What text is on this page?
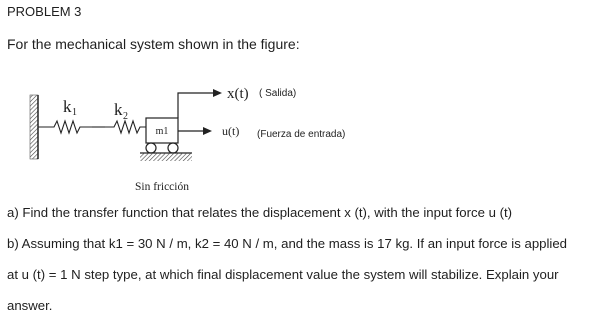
PROBLEM 3
For the mechanical system shown in the figure:
k 1 k 2
m1
Sin fricción
x(t) ( Salida)
u(t) (Fuerza de entrada)
a) Find the transfer function that relates the displacement x (t), with the input force u (t)
b) Assuming that k1 = 30 N / m, k2 = 40 N / m, and the mass is 17 kg. If an input force is applied
at u (t) = 1 N step type, at which final displacement value the system will stabilize. Explain your
answer.
